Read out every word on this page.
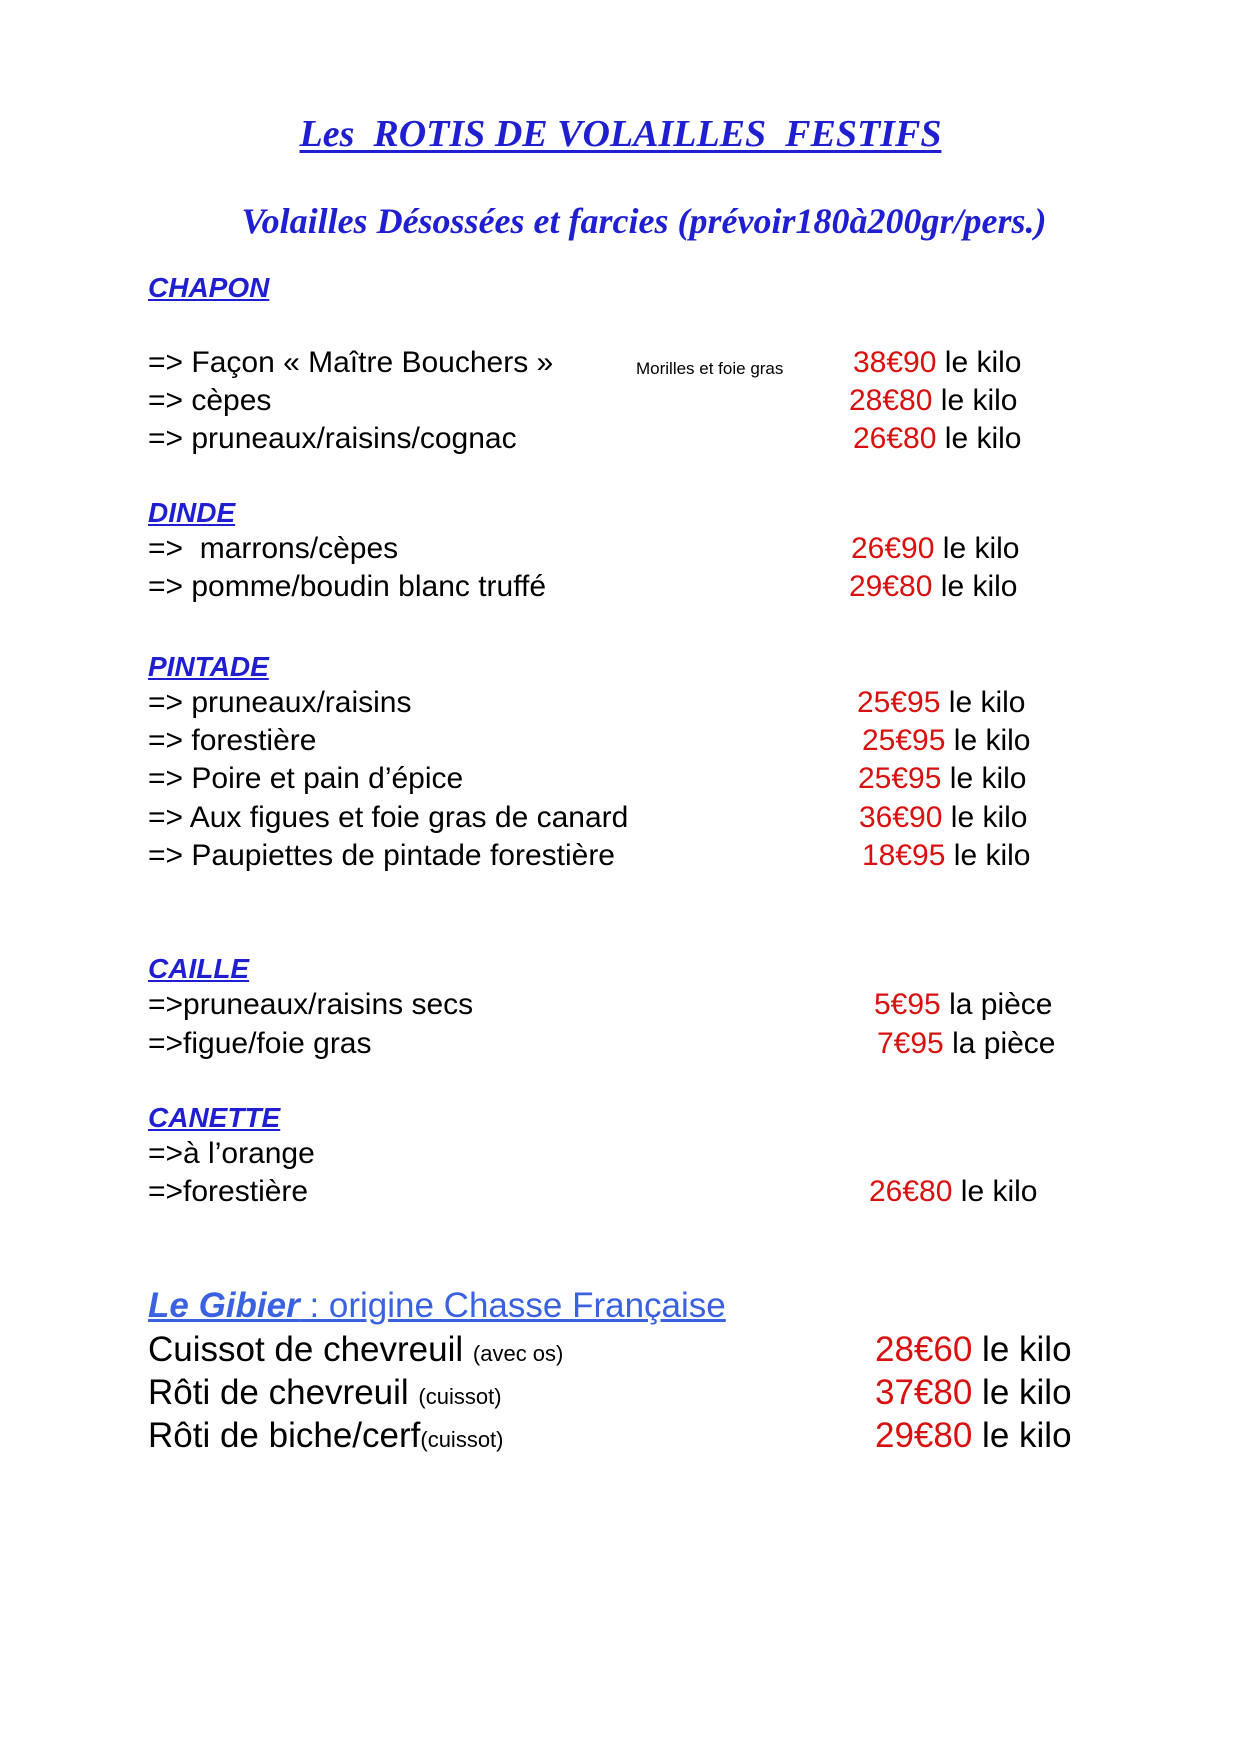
Les  ROTIS DE VOLAILLES  FESTIFS
Volailles Désossées et farcies (prévoir180à200gr/pers.)
CHAPON
=> Façon « Maître Bouchers »	Morilles et foie gras 38€90 le kilo
=> cèpes	28€80 le kilo
=> pruneaux/raisins/cognac	26€80 le kilo
DINDE
=>  marrons/cèpes	26€90 le kilo
=> pomme/boudin blanc truffé	29€80 le kilo
PINTADE
=> pruneaux/raisins	25€95 le kilo
=> forestière	25€95 le kilo
=> Poire et pain d’épice	25€95 le kilo
=> Aux figues et foie gras de canard	36€90 le kilo
=> Paupiettes de pintade forestière	18€95 le kilo
CAILLE
=>pruneaux/raisins secs	5€95 la pièce
=>figue/foie gras	7€95 la pièce
CANETTE
=>à l’orange
=>forestière	26€80 le kilo
Le Gibier : origine Chasse Française
Cuissot de chevreuil (avec os)	28€60 le kilo
Rôti de chevreuil (cuissot)	37€80 le kilo
Rôti de biche/cerf(cuissot)	29€80 le kilo
